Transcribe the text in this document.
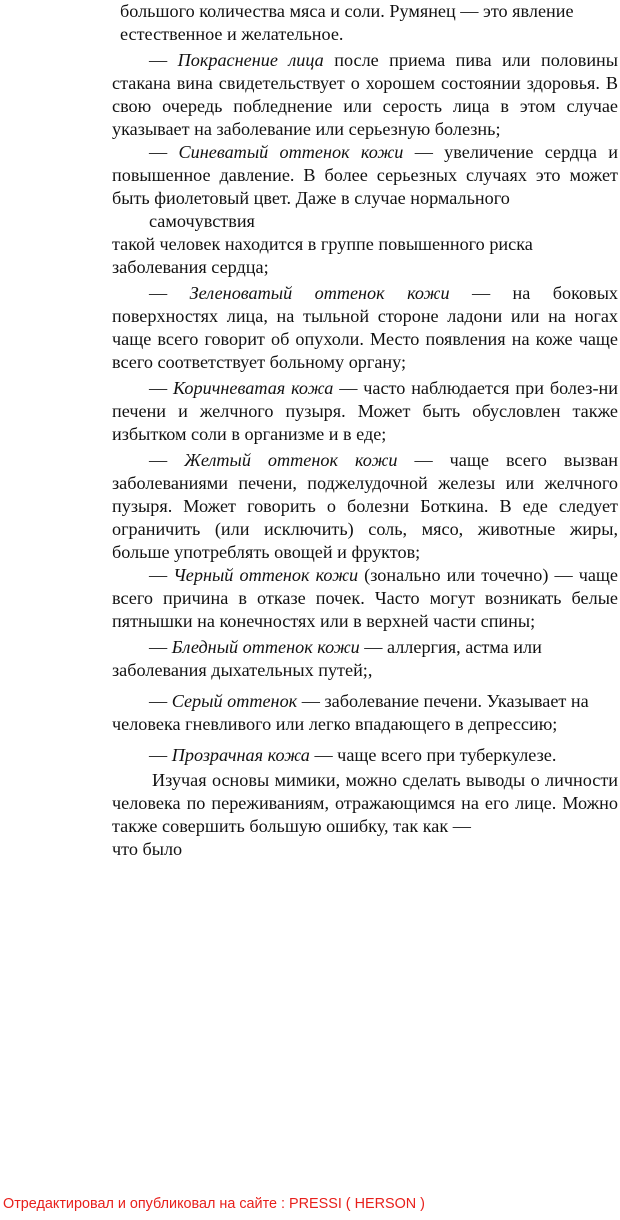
большого количества мяса и соли. Румянец — это явление
естественное и желательное.

— Покраснение лица после приема пива или половины стакана вина свидетельствует о хорошем состоянии здоровья. В свою очередь побледнение или серость лица в этом случае указывает на заболевание или серьезную болезнь;

— Синеватый оттенок кожи — увеличение сердца и повышенное давление. В более серьезных случаях это может быть фиолетовый цвет. Даже в случае нормального
самочувствия

такой человек находится в группе повышенного риска
заболевания сердца;

— Зеленоватый оттенок кожи — на боковых поверхностях лица, на тыльной стороне ладони или на ногах чаще всего говорит об опухоли. Место появления на коже чаще всего соответствует больному органу;

— Коричневатая кожа — часто наблюдается при болез-ни печени и желчного пузыря. Может быть обусловлен также избытком соли в организме и в еде;

— Желтый оттенок кожи — чаще всего вызван заболеваниями печени, поджелудочной железы или желчного пузыря. Может говорить о болезни Боткина. В еде следует ограничить (или исключить) соль, мясо, животные жиры, больше употреблять овощей и фруктов;

— Черный оттенок кожи (зонально или точечно) — чаще всего причина в отказе почек. Часто могут возникать белые пятнышки на конечностях или в верхней части спины;

— Бледный оттенок кожи — аллергия, астма или
заболевания дыхательных путей;,

— Серый оттенок — заболевание печени. Указывает на
человека гневливого или легко впадающего в депрессию;

— Прозрачная кожа — чаще всего при туберкулезе.

Изучая основы мимики, можно сделать выводы о личности человека по переживаниям, отражающимся на его лице. Можно также совершить большую ошибку, так как —
что было

Отредактировал и опубликовал на сайте : PRESSI ( HERSON )
